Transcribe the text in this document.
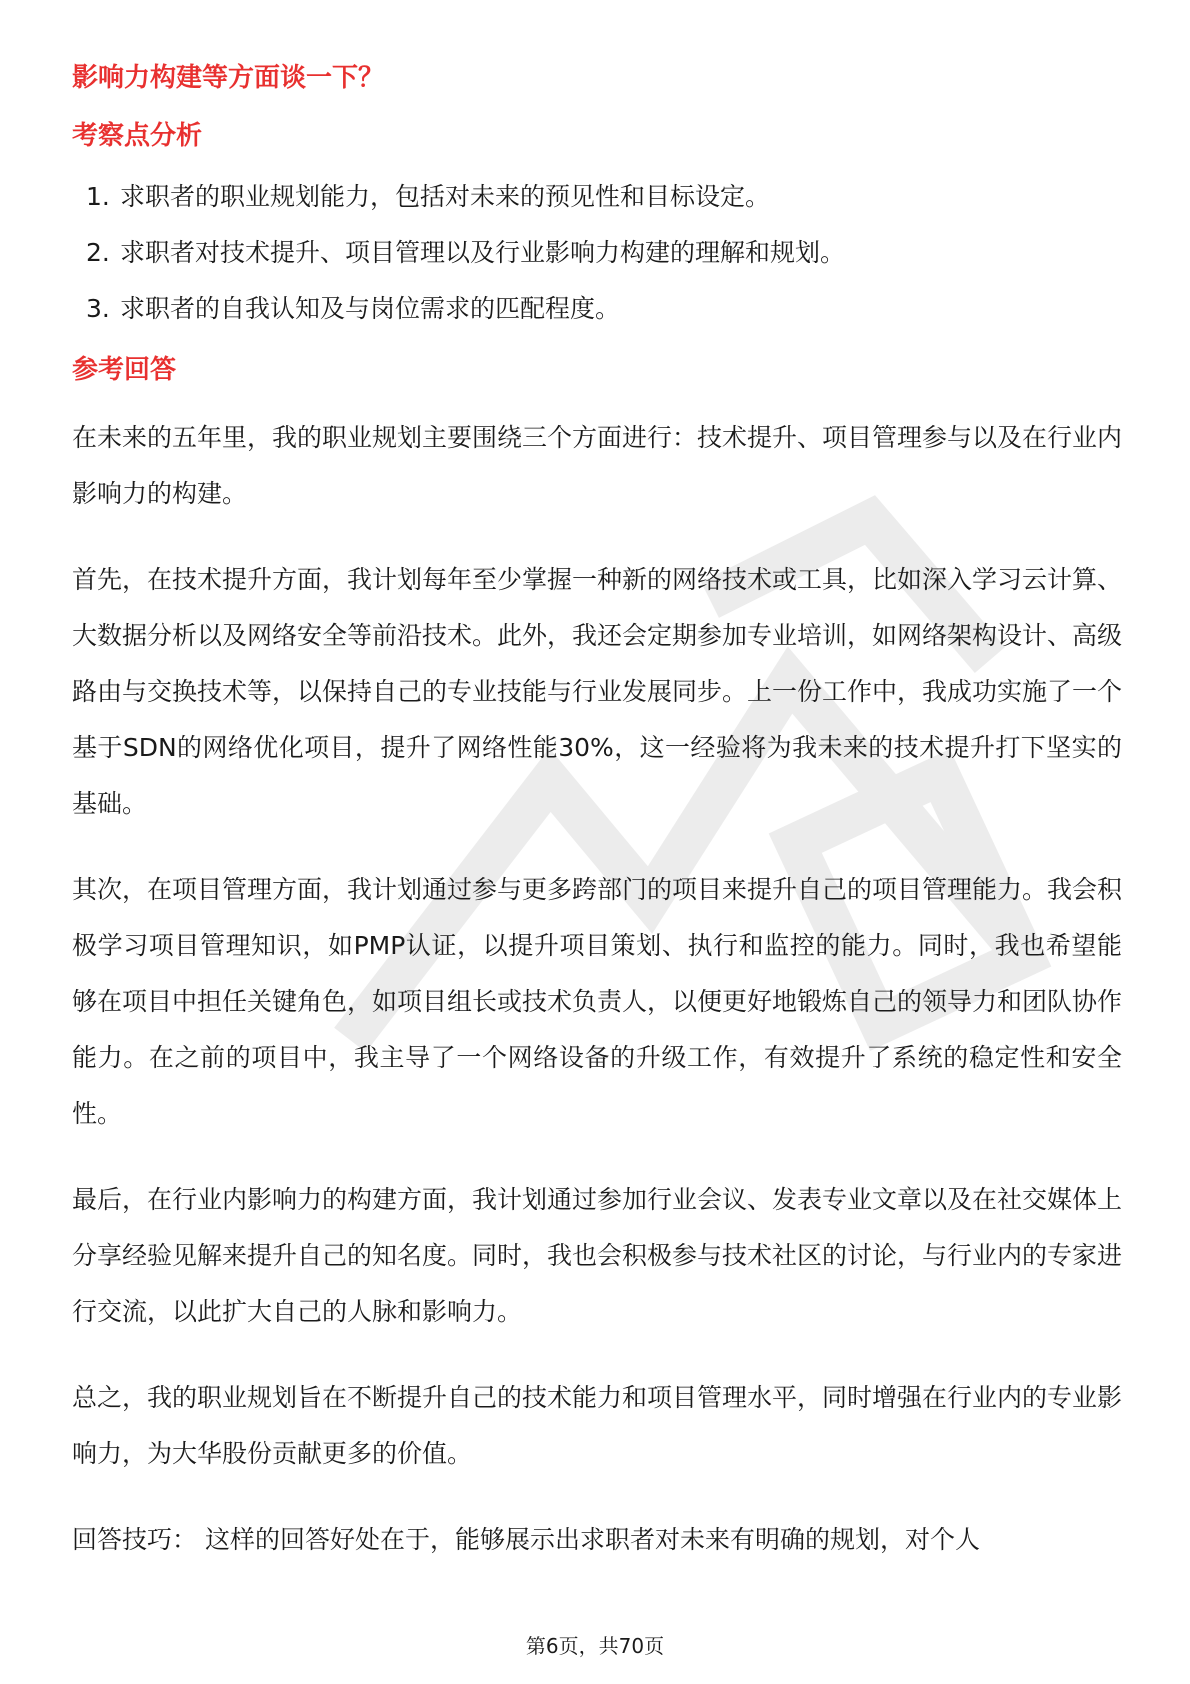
影响力构建等方面谈一下？

考察点分析

1. 求职者的职业规划能力，包括对未来的预见性和目标设定。
2. 求职者对技术提升、项目管理以及行业影响力构建的理解和规划。
3. 求职者的自我认知及与岗位需求的匹配程度。

参考回答

在未来的五年里，我的职业规划主要围绕三个方面进行：技术提升、项目管理参与以及在行业内影响力的构建。

首先，在技术提升方面，我计划每年至少掌握一种新的网络技术或工具，比如深入学习云计算、大数据分析以及网络安全等前沿技术。此外，我还会定期参加专业培训，如网络架构设计、高级路由与交换技术等，以保持自己的专业技能与行业发展同步。上一份工作中，我成功实施了一个基于SDN的网络优化项目，提升了网络性能30%，这一经验将为我未来的技术提升打下坚实的基础。

其次，在项目管理方面，我计划通过参与更多跨部门的项目来提升自己的项目管理能力。我会积极学习项目管理知识，如PMP认证，以提升项目策划、执行和监控的能力。同时，我也希望能够在项目中担任关键角色，如项目组长或技术负责人，以便更好地锻炼自己的领导力和团队协作能力。在之前的项目中，我主导了一个网络设备的升级工作，有效提升了系统的稳定性和安全性。

最后，在行业内影响力的构建方面，我计划通过参加行业会议、发表专业文章以及在社交媒体上分享经验见解来提升自己的知名度。同时，我也会积极参与技术社区的讨论，与行业内的专家进行交流，以此扩大自己的人脉和影响力。

总之，我的职业规划旨在不断提升自己的技术能力和项目管理水平，同时增强在行业内的专业影响力，为大华股份贡献更多的价值。

回答技巧： 这样的回答好处在于，能够展示出求职者对未来有明确的规划，对个人

第6页，共70页
